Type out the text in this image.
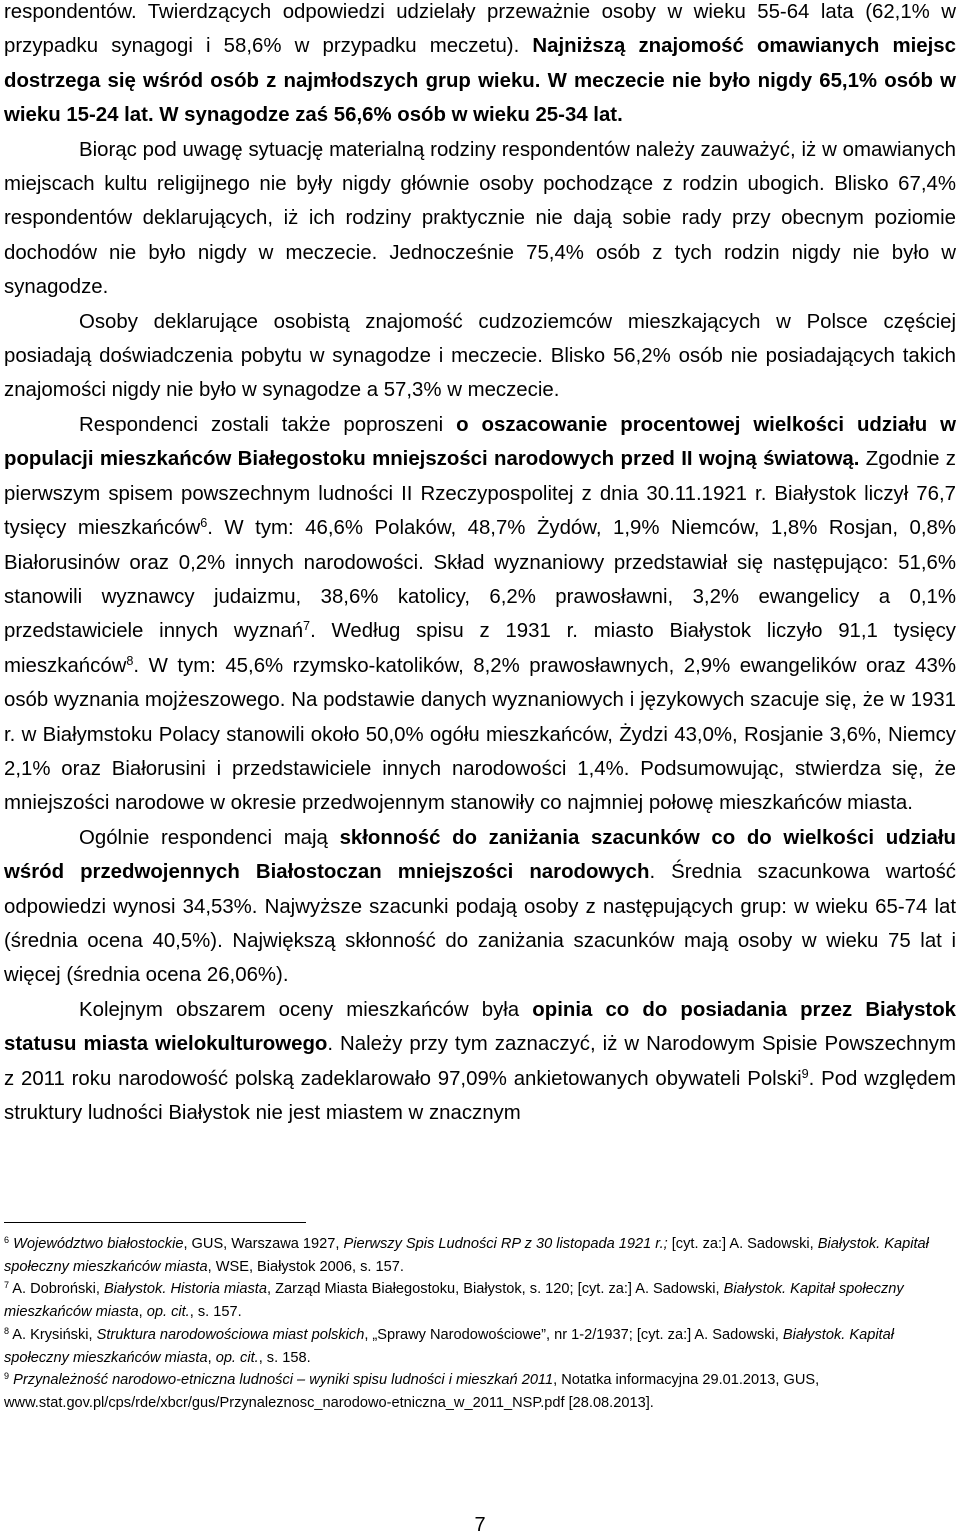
respondentów. Twierdzących odpowiedzi udzielały przeważnie osoby w wieku 55-64 lata (62,1% w przypadku synagogi i 58,6% w przypadku meczetu). Najniższą znajomość omawianych miejsc dostrzega się wśród osób z najmłodszych grup wieku. W meczecie nie było nigdy 65,1% osób w wieku 15-24 lat. W synagodze zaś 56,6% osób w wieku 25-34 lat.

Biorąc pod uwagę sytuację materialną rodziny respondentów należy zauważyć, iż w omawianych miejscach kultu religijnego nie były nigdy głównie osoby pochodzące z rodzin ubogich. Blisko 67,4% respondentów deklarujących, iż ich rodziny praktycznie nie dają sobie rady przy obecnym poziomie dochodów nie było nigdy w meczecie. Jednocześnie 75,4% osób z tych rodzin nigdy nie było w synagodze.

Osoby deklarujące osobistą znajomość cudzoziemców mieszkających w Polsce częściej posiadają doświadczenia pobytu w synagodze i meczecie. Blisko 56,2% osób nie posiadających takich znajomości nigdy nie było w synagodze a 57,3% w meczecie.

Respondenci zostali także poproszeni o oszacowanie procentowej wielkości udziału w populacji mieszkańców Białegostoku mniejszości narodowych przed II wojną światową. Zgodnie z pierwszym spisem powszechnym ludności II Rzeczypospolitej z dnia 30.11.1921 r. Białystok liczył 76,7 tysięcy mieszkańców$^6$. W tym: 46,6% Polaków, 48,7% Żydów, 1,9% Niemców, 1,8% Rosjan, 0,8% Białorusinów oraz 0,2% innych narodowości. Skład wyznaniowy przedstawiał się następująco: 51,6% stanowili wyznawcy judaizmu, 38,6% katolicy, 6,2% prawosławni, 3,2% ewangelicy a 0,1% przedstawiciele innych wyznań$^7$. Według spisu z 1931 r. miasto Białystok liczyło 91,1 tysięcy mieszkańców$^8$. W tym: 45,6% rzymsko-katolików, 8,2% prawosławnych, 2,9% ewangelików oraz 43% osób wyznania mojżeszowego. Na podstawie danych wyznaniowych i językowych szacuje się, że w 1931 r. w Białymstoku Polacy stanowili około 50,0% ogółu mieszkańców, Żydzi 43,0%, Rosjanie 3,6%, Niemcy 2,1% oraz Białorusini i przedstawiciele innych narodowości 1,4%. Podsumowując, stwierdza się, że mniejszości narodowe w okresie przedwojennym stanowiły co najmniej połowę mieszkańców miasta.

Ogólnie respondenci mają skłonność do zaniżania szacunków co do wielkości udziału wśród przedwojennych Białostoczan mniejszości narodowych. Średnia szacunkowa wartość odpowiedzi wynosi 34,53%. Najwyższe szacunki podają osoby z następujących grup: w wieku 65-74 lat (średnia ocena 40,5%). Największą skłonność do zaniżania szacunków mają osoby w wieku 75 lat i więcej (średnia ocena 26,06%).

Kolejnym obszarem oceny mieszkańców była opinia co do posiadania przez Białystok statusu miasta wielokulturowego. Należy przy tym zaznaczyć, iż w Narodowym Spisie Powszechnym z 2011 roku narodowość polską zadeklarowało 97,09% ankietowanych obywateli Polski$^9$. Pod względem struktury ludności Białystok nie jest miastem w znacznym

$^6$ Województwo białostockie, GUS, Warszawa 1927, Pierwszy Spis Ludności RP z 30 listopada 1921 r.; [cyt. za:] A. Sadowski, Białystok. Kapitał społeczny mieszkańców miasta, WSE, Białystok 2006, s. 157.

$^7$ A. Dobroński, Białystok. Historia miasta, Zarząd Miasta Białegostoku, Białystok, s. 120; [cyt. za:] A. Sadowski, Białystok. Kapitał społeczny mieszkańców miasta, op. cit., s. 157.

$^8$ A. Krysiński, Struktura narodowościowa miast polskich, „Sprawy Narodowościowe”, nr 1-2/1937; [cyt. za:] A. Sadowski, Białystok. Kapitał społeczny mieszkańców miasta, op. cit., s. 158.

$^9$ Przynależność narodowo-etniczna ludności – wyniki spisu ludności i mieszkań 2011, Notatka informacyjna 29.01.2013, GUS, www.stat.gov.pl/cps/rde/xbcr/gus/Przynaleznosc_narodowo-etniczna_w_2011_NSP.pdf [28.08.2013].

7
